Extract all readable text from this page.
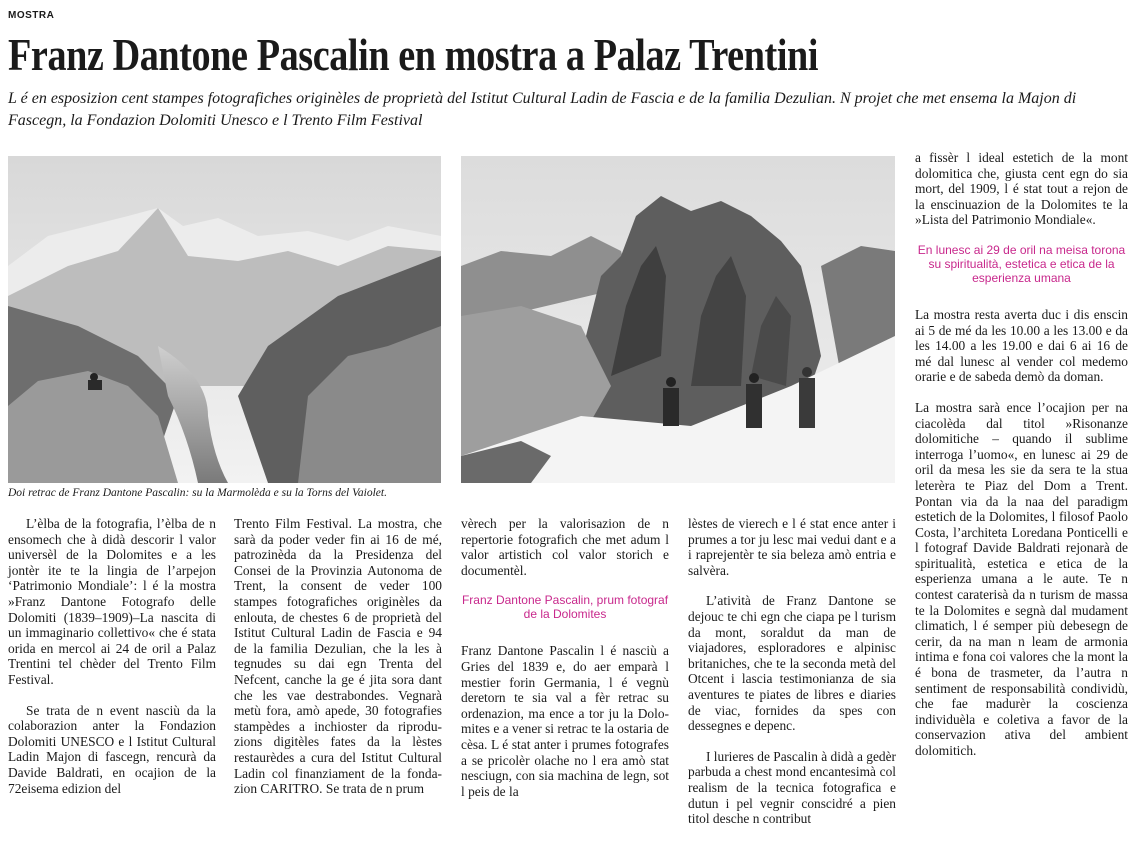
MOSTRA
Franz Dantone Pascalin en mostra a Palaz Trentini
L é en esposizion cent stampes fotografiches originèles de proprietà del Istitut Cultural Ladin de Fascia e de la familia Dezulian. N projet che met ensema la Majon di Fascegn, la Fondazion Dolomiti Unesco e l Trento Film Festival
Doi retrac de Franz Dantone Pascalin: su la Marmolèda e su la Torns del Vaiolet.

L’èlba de la fotografia, l’èlba de n ensomech che à didà descorir l valor universèl de la Dolomites e a les jontèr ite te la lingia de l’arpejon ‘Patrimonio Mondiale’: l é la mostra »Franz Dantone Fotografo delle Dolomiti (1839–1909)–La nascita di un immaginario collettivo« che é stata orida en mercol ai 24 de oril a Palaz Trentini tel chèder del Trento Film Festival.

Se trata de n event nasciù da la colaborazion anter la Fondazion Dolomiti UNESCO e l Istitut Cultural Ladin Majon di fascegn, rencurà da Davide Baldrati, en ocajion de la 72eisema edizion del

Trento Film Festival. La mostra, che sarà da poder veder fin ai 16 de mé, patrozinèda da la Presidenza del Consei de la Provinzia Autonoma de Trent, la consent de veder 100 stampes fotografiches originèles da enlouta, de chestes 6 de proprietà del Istitut Cultural Ladin de Fascia e 94 de la familia Dezulian, che la les à tegnudes su dai egn Trenta del Nefcent, canche la ge é jita sora dant che les vae destrabondes. Vegnarà metù fora, amò apede, 30 fotografies stampèdes a inchioster da riproduzions digitèles fates da la lèstes restaurèdes a cura del Istitut Cultural Ladin col finanziament de la fondazion CARITRO. Se trata de n prum

vèrech per la valorisazion de n repertorie fotografich che met adum l valor artistich col valor storich e documentèl.

Franz Dantone Pascalin, prum fotograf de la Dolomites

Franz Dantone Pascalin l é nasciù a Gries del 1839 e, do aer emparà l mestier forin Germania, l é vegnù deretorn te sia val a fèr retrac su ordenazion, ma ence a tor ju la Dolomites e a vener si retrac te la ostaria de cèsa. L é stat anter i prumes fotografes a se pricolèr olache no l era amò stat nesciugn, con sia machina de legn, sot l peis de la

lèstes de vierech e l é stat ence anter i prumes a tor ju lesc mai vedui dant e a i raprejentèr te sia beleza amò entria e salvèra.

L’atività de Franz Dantone se dejouc te chi egn che ciapa pe l turism da mont, soraldut da man de viajadores, esploradores e alpinisc britaniches, che te la seconda metà del Otcent i lascia testimonianza de sia aventures te piates de libres e diaries de viac, fornides da spes con dessegnes e depenc.

I lurieres de Pascalin à didà a gedèr parbuda a chest mond encantesimà col realism de la tecnica fotografica e dutun i pel vegnir conscidré a pien titol desche n contribut

a fissèr l ideal estetich de la mont dolomitica che, giusta cent egn do sia mort, del 1909, l é stat tout a rejon de la enscinuazion de la Dolomites te la »Lista del Patrimonio Mondiale«.

En lunesc ai 29 de oril na meisa torona su spiritualità, estetica e etica de la esperienza umana

La mostra resta averta duc i dis enscin ai 5 de mé da les 10.00 a les 13.00 e da les 14.00 a les 19.00 e dai 6 ai 16 de mé dal lunesc al vender col medemo orarie e de sabeda demò da doman.

La mostra sarà ence l’ocajion per na ciacolèda dal titol »Risonanze dolomitiche – quando il sublime interroga l’uomo«, en lunesc ai 29 de oril da mesa les sie da sera te la stua leterèra te Piaz del Dom a Trent. Pontan via da la naa del paradigm estetich de la Dolomites, l filosof Paolo Costa, l’architeta Loredana Ponticelli e l fotograf Davide Baldrati rejonarà de spiritualità, estetica e etica de la esperienza umana a le aute. Te n contest caraterisà da n turism de massa te la Dolomites e segnà dal mudament climatich, l é semper più debesegn de cerir, da na man n leam de armonia intima e fona coi valores che la mont la é bona de trasmeter, da l’autra n sentiment de responsabilità condividù, che fae madurèr la coscienza individuèla e coletiva a favor de la conservazion ativa del ambient dolomitich.
